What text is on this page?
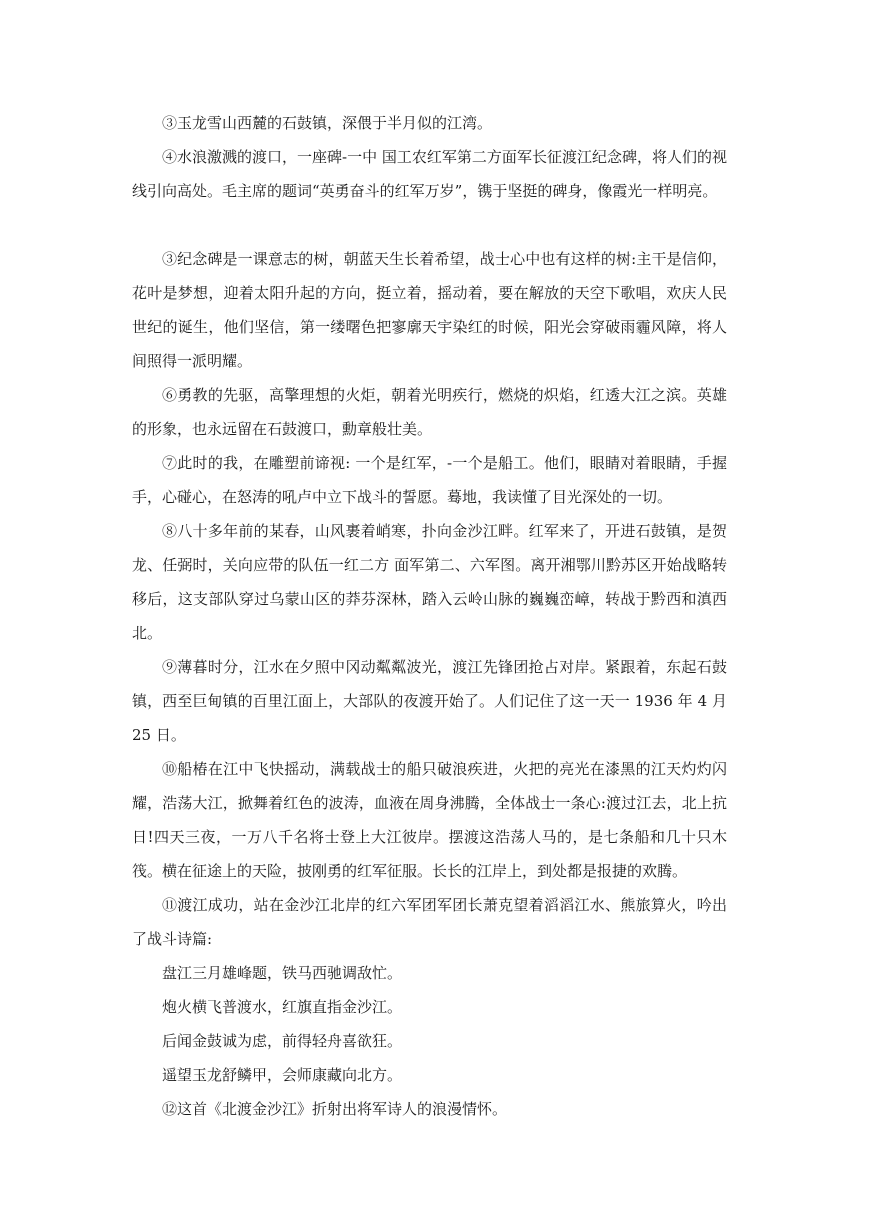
③玉龙雪山西麓的石鼓镇，深偎于半月似的江湾。

④水浪激溅的渡口，一座碑-一中 国工农红军第二方面军长征渡江纪念碑，将人们的视线引向高处。毛主席的题词“英勇奋斗的红军万岁”，镌于坚挺的碑身，像霞光一样明亮。

③纪念碑是一课意志的树，朝蓝天生长着希望，战士心中也有这样的树:主干是信仰，花叶是梦想，迎着太阳升起的方向，挺立着，摇动着，要在解放的天空下歌唱，欢庆人民世纪的诞生，他们坚信，第一缕曙色把寥廓天宇染红的时候，阳光会穿破雨霾风障，将人间照得一派明耀。

⑥勇教的先驱，高擎理想的火炬，朝着光明疾行，燃烧的炽焰，红透大江之滨。英雄的形象，也永远留在石鼓渡口，勳章般壮美。

⑦此时的我，在雕塑前谛视: 一个是红军，-一个是船工。他们，眼睛对着眼睛，手握手，心碰心，在怒涛的吼卢中立下战斗的誓愿。蓦地，我读懂了目光深处的一切。

⑧八十多年前的某春，山风裹着峭寒，扑向金沙江畔。红军来了，开进石鼓镇，是贺龙、任弼时，关向应带的队伍一红二方 面军第二、六军图。离开湘鄂川黔苏区开始战略转移后，这支部队穿过乌蒙山区的莽芬深林，踏入云岭山脉的巍巍峦嶂，转战于黔西和滇西北。

⑨薄暮时分，江水在夕照中冈动粼粼波光，渡江先锋团抢占对岸。紧跟着，东起石鼓镇，西至巨甸镇的百里江面上，大部队的夜渡开始了。人们记住了这一天一 1936 年 4 月 25 日。

⑩船椿在江中飞快摇动，满载战士的船只破浪疾进，火把的亮光在漆黑的江天灼灼闪耀，浩荡大江，掀舞着红色的波涛，血液在周身沸腾，全体战士一条心:渡过江去，北上抗日!四天三夜，一万八千名将士登上大江彼岸。摆渡这浩荡人马的，是七条船和几十只木筏。横在征途上的天险，披刚勇的红军征服。长长的江岸上，到处都是报捷的欢腾。

⑪渡江成功，站在金沙江北岸的红六军团军团长萧克望着滔滔江水、熊旅算火，吟出了战斗诗篇:

盘江三月雄峰题，铁马西驰调敌忙。

炮火横飞普渡水，红旗直指金沙江。

后闻金鼓诚为虑，前得轻舟喜欲狂。

遥望玉龙舒鳞甲，会师康藏向北方。

⑫这首《北渡金沙江》折射出将军诗人的浪漫情怀。
